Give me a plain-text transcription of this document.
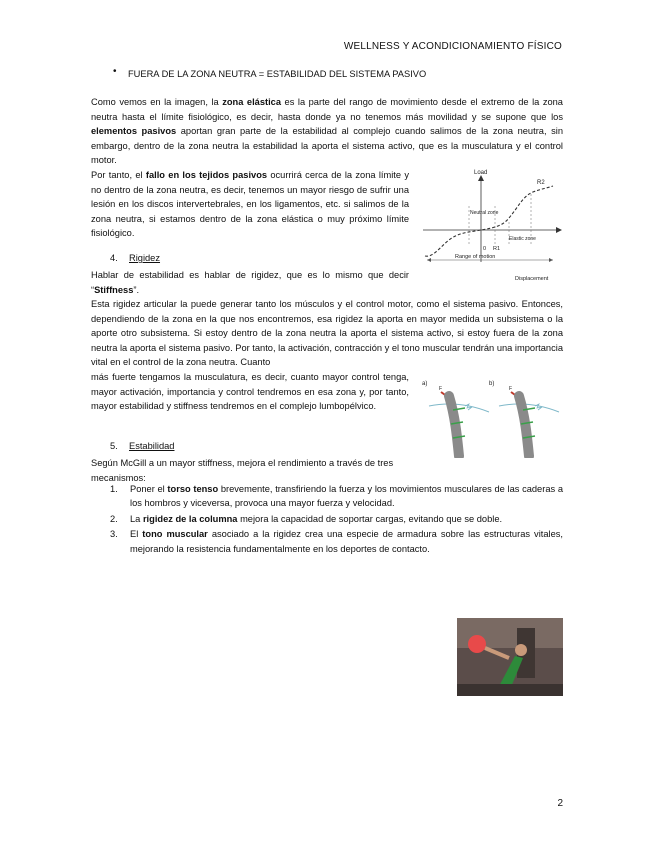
WELLNESS Y ACONDICIONAMIENTO FÍSICO
• FUERA DE LA ZONA NEUTRA = ESTABILIDAD DEL SISTEMA PASIVO
Como vemos en la imagen, la zona elástica es la parte del rango de movimiento desde el extremo de la zona neutra hasta el límite fisiológico, es decir, hasta donde ya no tenemos más movilidad y se supone que los elementos pasivos aportan gran parte de la estabilidad al complejo cuando salimos de la zona neutra, sin embargo, dentro de la zona neutra la estabilidad la aporta el sistema activo, que es la musculatura y el control motor.
Por tanto, el fallo en los tejidos pasivos ocurrirá cerca de la zona límite y no dentro de la zona neutra, es decir, tenemos un mayor riesgo de sufrir una lesión en los discos intervertebrales, en los ligamentos, etc. si salimos de la zona neutra, si estamos dentro de la zona elástica o muy próximo límite fisiológico.
4. Rigidez
Hablar de estabilidad es hablar de rigidez, que es lo mismo que decir “Stiffness”.
Esta rigidez articular la puede generar tanto los músculos y el control motor, como el sistema pasivo. Entonces, dependiendo de la zona en la que nos encontremos, esa rigidez la aporta en mayor medida un subsistema o la aporte otro subsistema. Si estoy dentro de la zona neutra la aporta el sistema activo, si estoy fuera de la zona neutra la aporta el sistema pasivo. Por tanto, la activación, contracción y el tono muscular tendrán una importancia vital en el control de la zona neutra. Cuanto
más fuerte tengamos la musculatura, es decir, cuanto mayor control tenga, mayor activación, importancia y control tendremos en esa zona y, por tanto, mayor estabilidad y stiffness tendremos en el complejo lumbopélvico.
5. Estabilidad
Según McGill a un mayor stiffness, mejora el rendimiento a través de tres mecanismos:
1. Poner el torso tenso brevemente, transfiriendo la fuerza y los movimientos musculares de las caderas a los hombros y viceversa, provoca una mayor fuerza y velocidad.
2. La rigidez de la columna mejora la capacidad de soportar cargas, evitando que se doble.
3. El tono muscular asociado a la rigidez crea una especie de armadura sobre las estructuras vitales, mejorando la resistencia fundamentalmente en los deportes de contacto.
Load
R2
Neutral zone
0 R1
Elastic zone
Range of motion
Displacement
a)	b)
F	F
2
